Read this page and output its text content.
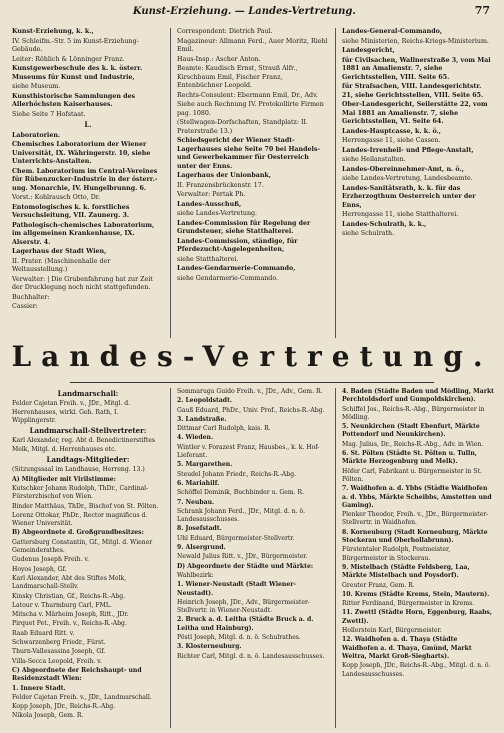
Kunst-Erziehung. — Landes-Vertretung.	77

Kunst-Erziehung, k. k.,

IV. Schleifm.-Str. 5 im Kunst-Erziehung-Gebäude.

Leiter: Röhlich & Lönninger Franz.

Kunstgewerbeschule des k. k. österr. Museums für Kunst und Industrie,

siehe Museum.

Kunsthistorische Sammlungen des Allerhöchsten Kaiserhauses.

Siehe Seite 7 Hofstaat.

L.

Laboratorien.

Chemisches Laboratorium der Wiener Universität, IX. Währingerstr. 10, siehe Unterrichts-Anstalten.

Chem. Laboratorium im Central-Vereines für Rübenzucker-Industrie in der österr.-ung. Monarchie, IV. Hungelbrunng. 6.

Vorst.: Kohlrausch Otto, Dr.

Entomologisches k. k. forstliches Versuchsleitung, VII. Zaunerg. 3.

Pathologisch-chemisches Laboratorium, im allgemeinen Krankenhause, IX. Alserstr. 4.

Lagerhaus der Stadt Wien,

II. Prater. (Maschinenhalle der Weltausstellung.)

Verwalter: | Die Grubenfahrung hat zur Zeit der Drucklegung noch nicht stattgefunden.

Buchhalter:

Cassier:

Correspondent: Dietrich Paul.

Magazineur: Allmann Ferd., Auer Moritz, Riehl Emil.

Haus-Insp.: Ascher Anton.

Beamte: Kaudisch Ernst, Strauß Alfr., Kirschbaum Emil, Fischer Franz, Entenbüchner Leopold.

Rechts-Consulent: Ebermann Emil, Dr., Adv.

Siehe auch Rechnung IV. Protokollirte Firmen pag. 1080.

(Stellwagen-Dorfschaften, Standplatz: II. Praterstraße 13.)

Schiedsgericht der Wiener Stadt-Lagerhauses siehe Seite 70 bei Handels- und Gewerbekammer für Oesterreich unter der Enns.

Lagerhaus der Unionbank,

II. Franzensbrückenstr. 17.

Verwalter: Pertak Ph.

Landes-Ausschuß,

siehe Landes-Vertretung.

Landes-Commission für Regelung der Grundsteuer, siehe Statthalterei.

Landes-Commission, ständige, für Pferdezucht-Angelegenheiten,

siehe Statthalterei.

Landes-Gendarmerie-Commando,

siehe Gendarmerie-Commando.

Landes-General-Commando,

siehe Ministerien, Reichs-Kriegs-Ministerium.

Landesgericht,

für Civilsachen, Wallnerstraße 3, vom Mai 1881 an Amalienstr. 7, siehe Gerichtsstellen, VIII. Seite 65.

für Strafsachen, VIII. Landesgerichtstr. 21, siehe Gerichtsstellen, VIII. Seite 65.

Ober-Landesgericht, Seilerstätte 22, vom Mai 1881 an Amalienstr. 7, siehe Gerichtsstellen, VI. Seite 64.

Landes-Hauptcasse, k. k. ö.,

Herrengasse 11, siehe Cassen.

Landes-Irrenheil- und Pflege-Anstalt,

siehe Heilanstalten.

Landes-Obereinnehmer-Amt, n. ö.,

siehe Landes-Vertretung, Landesbeamte.

Landes-Sanitätsrath, k. k. für das Erzherzogthum Oesterreich unter der Enns,

Herrengasse 11, siehe Statthalterei.

Landes-Schulrath, k. k.,

siehe Schulrath.

Landes-Vertretung.

Landmarschall:

Felder Cajetan Freih. v., JDr., Mitgl. d. Herrenhauses, wirkl. Geh. Rath, I. Wipplingerstr.

Landmarschall-Stellvertreter:

Karl Alexander, reg. Abt d. Benedictinerstiftes Melk, Mitgl. d. Herrenhauses etc.

Landtags-Mitglieder:

(Sitzungssaal im Landhause, Herreng. 13.)

A) Mitglieder mit Virilstimme:

Kutschker Johann Rudolph, ThDr., Cardinal-Fürsterzbischof von Wien.

Binder Matthäus, ThDr., Bischof von St. Pölten.

Lorenz Ottokar, PhDr., Rector magnificus d. Wiener Universität.

B) Abgeordnete d. Großgrundbesitzes:

Gattersburg Constantin, Gf., Mitgl. d. Wiener Gemeinderathes.

Gudenus Joseph Freih. v.

Hoyos Joseph, Gf.

Karl Alexander, Abt des Stiftes Melk, Landmarschall-Stellv.

Kinsky Christian, Gf., Reichs-R.-Abg.

Latour v. Thurmburg Carl, FML.

Mitscha v. Märheim Joseph, Ritt., JDr.

Pirquet Pet., Freih. v., Reichs-R.-Abg.

Raab Eduard Ritt. v.

Schwarzenberg Friedr., Fürst.

Thurn-Vallesassina Joseph, Gf.

Villa-Secca Leopold, Freih. v.

C) Abgeordnete der Reichshaupt- und Residenzstadt Wien:

1. Innere Stadt.

Felder Cajetan Freih. v., JDr., Landmarschall.

Kopp Joseph, JDr., Reichs-R.-Abg.

Nikola Joseph, Gem. R.

Sommaruga Guido Freih. v., JDr., Adv., Gem. R.

2. Leopoldstadt.

Gauß Eduard, PhDr., Univ. Prof., Reichs-R.-Abg.

3. Landstraße.

Dittmar Carl Rudolph, kais. R.

4. Wieden.

Wintler v. Forazest Franz, Hausbes., k. k. Hof-Lieferant.

5. Margarethen.

Steudel Johann Friedr., Reichs-R.-Abg.

6. Mariahilf.

Schöffel Dominik, Buchbinder u. Gem. R.

7. Neubau.

Schrank Johann Ferd., JDr., Mitgl. d. n. ö. Landesausschusses.

8. Josefstadt.

Uhl Eduard, Bürgermeister-Stellvertr.

9. Alsergrund.

Newald Julius Ritt. v., JDr., Bürgermeister.

D) Abgeordnete der Städte und Märkte:

Wahlbezirk:

1. Wiener-Neustadt (Stadt Wiener-Neustadt).

Heinrich Joseph, JDr., Adv., Bürgermeister-Stellvertr. in Wiener-Neustadt.

2. Bruck a. d. Leitha (Städte Bruck a. d. Leitha und Hainburg).

Pöstl Joseph, Mitgl. d. n. ö. Schulrathes.

3. Klosterneuburg.

Richter Carl, Mitgl. d. n. ö. Landesausschusses.

4. Baden (Städte Baden und Mödling, Markt Perchtoldsdorf und Gumpoldskirchen).

Schiffel Jos., Reichs-R.-Abg., Bürgermeister in Mödling.

5. Neunkirchen (Stadt Ebenfurt, Märkte Pottendorf und Neunkirchen).

Mag. Julius, Dr., Reichs-R.-Abg., Adv. in Wien.

6. St. Pölten (Städte St. Pölten u. Tulln, Märkte Herzogenburg und Melk).

Höfer Carl, Fabrikant u. Bürgermeister in St. Pölten.

7. Waidhofen a. d. Ybbs (Städte Waidhofen a. d. Ybbs, Märkte Scheibbs, Amstetten und Gaming).

Plenker Theodor, Freih. v., JDr., Bürgermeister-Stellvertr. in Waidhofen.

8. Korneuburg (Stadt Korneuburg, Märkte Stockerau und Oberhollabrunn).

Fürstentaler Rudolph, Postmeister, Bürgermeister in Stockerau.

9. Mistelbach (Städte Feldsberg, Laa, Märkte Mistelbach und Poysdorf).

Greuter Franz, Gem. R.

10. Krems (Städte Krems, Stein, Mautern).

Ritter Ferdinand, Bürgermeister in Krems.

11. Zwettl (Städte Horn, Eggenburg, Raabs, Zwettl).

Hollerstein Karl, Bürgermeister.

12. Waidhofen a. d. Thaya (Städte Waidhofen a. d. Thaya, Gmünd, Markt Weitra, Markt Groß-Siegharts).

Kopp Joseph, JDr., Reichs-R.-Abg., Mitgl. d. n. ö. Landesausschusses.
